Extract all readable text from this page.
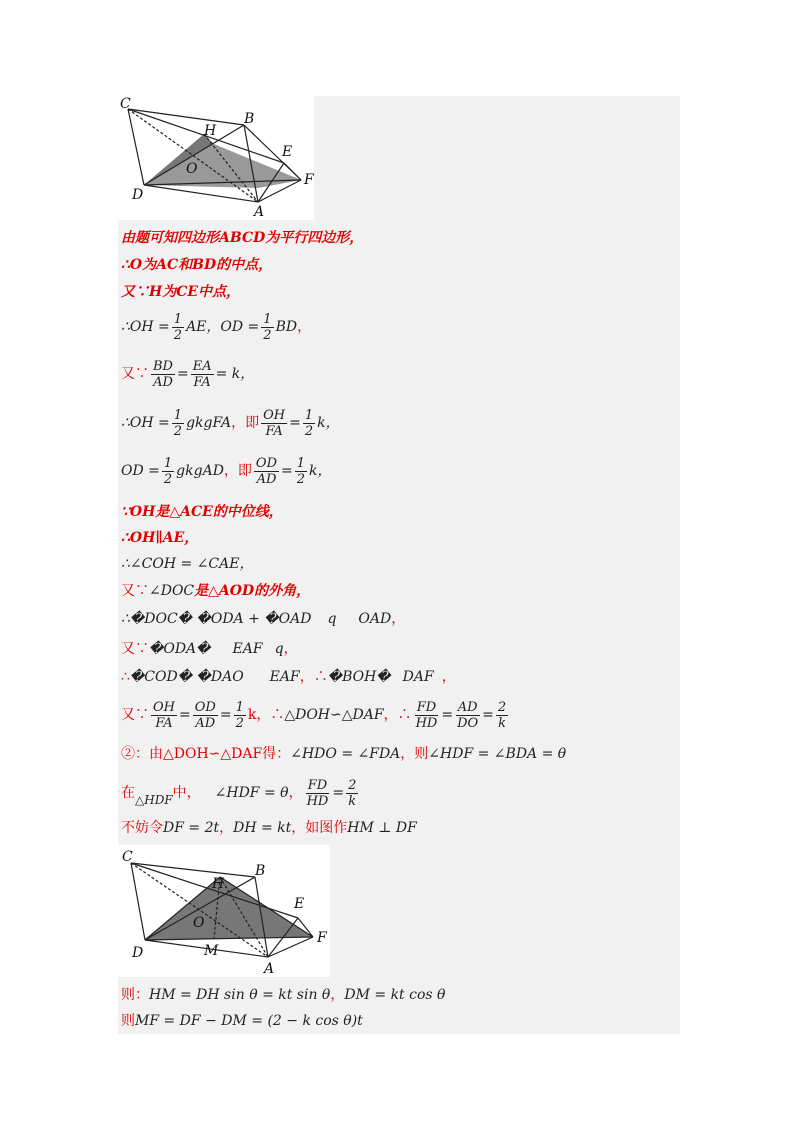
C
B
H
E
O
D
F
A
由题可知四边形ABCD为平行四边形，
∴O为AC和BD的中点，
又∵H为CE中点，
∴OH = $\frac{1}{2}$ AE ，OD = $\frac{1}{2}$ BD ，
又∵ $\frac{BD}{AD} = \frac{EA}{FA} = k$，
∴OH = $\frac{1}{2}$ gkgFA ，即 $\frac{OH}{FA} = \frac{1}{2}$ k，
OD = $\frac{1}{2}$ gkgAD ，即 $\frac{OD}{AD} = \frac{1}{2}$ k，
∵OH是△ACE的中位线，
∴OH∥AE，
∴∠COH = ∠CAE，
又∵ ∠DOC 是△AOD的外角，
∴�DOC� �ODA + �OAD q OAD ，
又∵ �ODA� EAF q ，
∴ �COD� �DAO EAF ，∴ �BOH� DAF ，
又∵ $\frac{OH}{FA} = \frac{OD}{AD} = \frac{1}{2}$ k，∴ △DOH∽△DAF ，∴ $\frac{FD}{HD} = \frac{AD}{DO} = \frac{2}{k}$
②：由△DOH∽△DAF得： ∠HDO = ∠FDA ，则 ∠HDF = ∠BDA = θ
在 △HDF 中， ∠HDF = θ ， $\frac{FD}{HD} = \frac{2}{k}$
不妨令 DF = 2t ， DH = kt ，如图作 HM ⊥ DF
C
B
H
E
O
D	M
F
A
则： HM = DH sin θ = kt sin θ ， DM = kt cos θ
则 MF = DF − DM = (2 − k cos θ)t
